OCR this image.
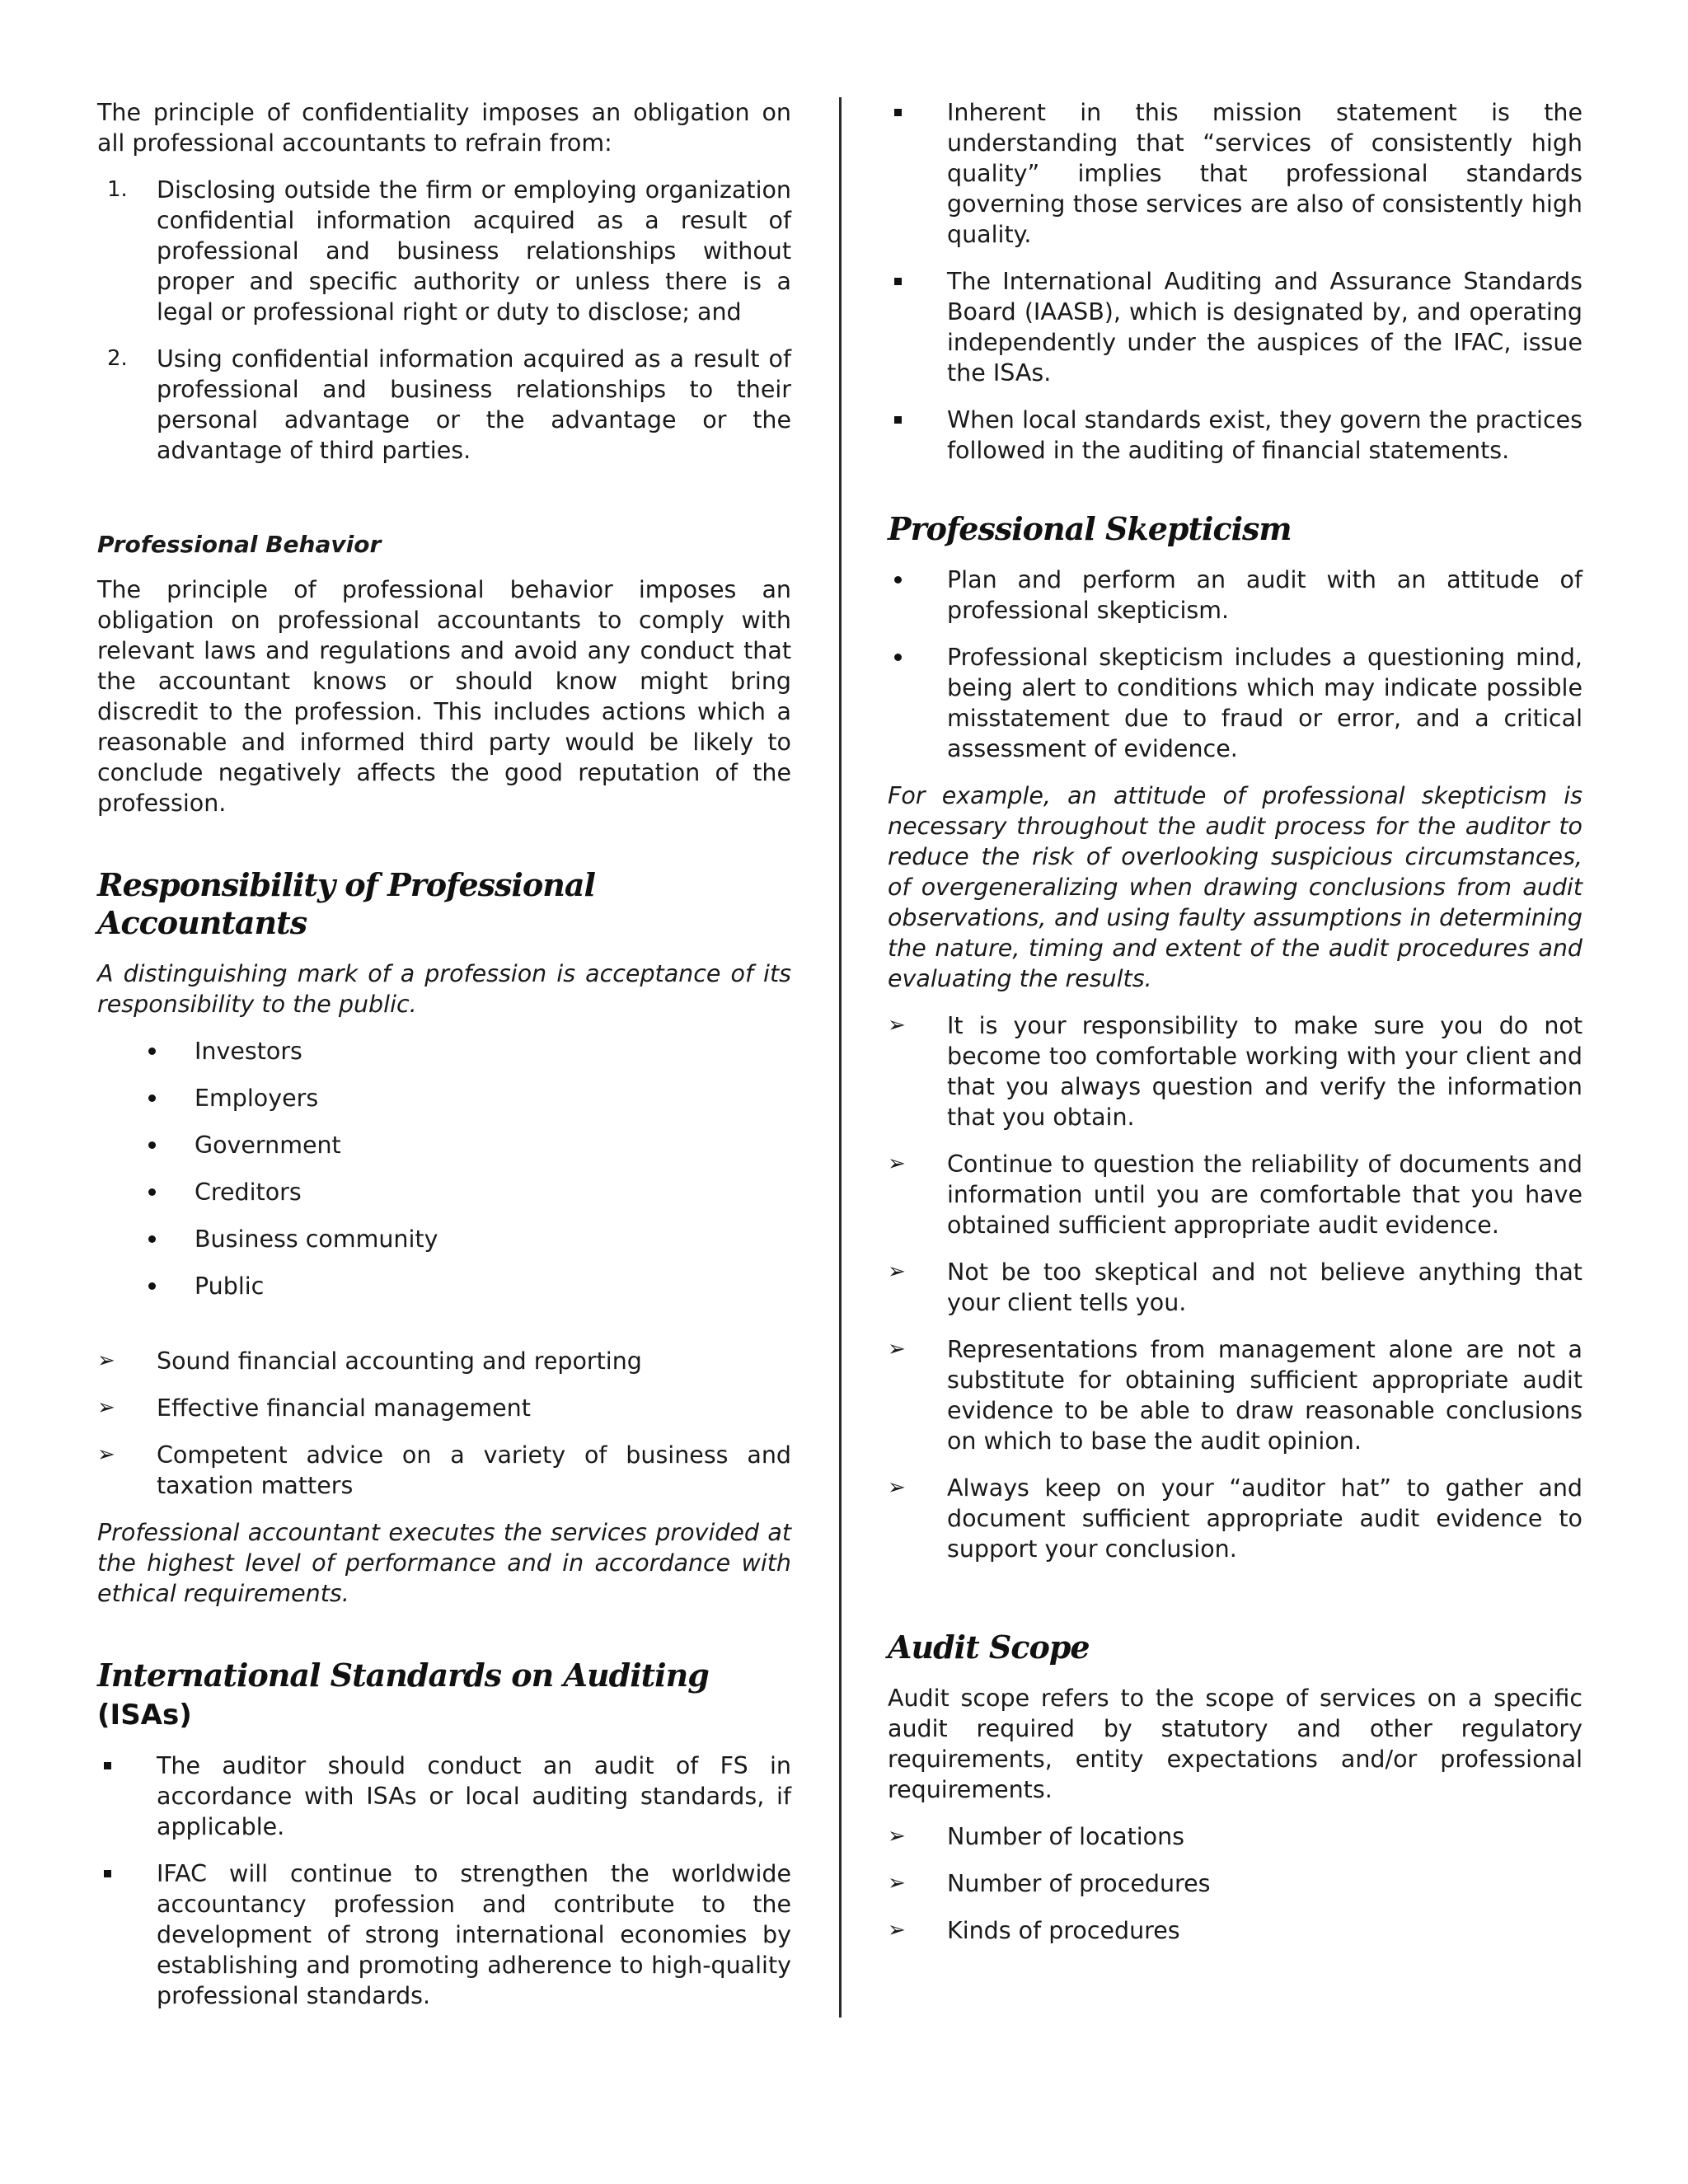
The principle of confidentiality imposes an obligation on all professional accountants to refrain from:

1.	Disclosing outside the firm or employing organization confidential information acquired as a result of professional and business relationships without proper and specific authority or unless there is a legal or professional right or duty to disclose; and
2.	Using confidential information acquired as a result of professional and business relationships to their personal advantage or the advantage or the advantage of third parties.
Professional Behavior

The principle of professional behavior imposes an obligation on professional accountants to comply with relevant laws and regulations and avoid any conduct that the accountant knows or should know might bring discredit to the profession. This includes actions which a reasonable and informed third party would be likely to conclude negatively affects the good reputation of the profession.

Responsibility of Professional Accountants

A distinguishing mark of a profession is acceptance of its responsibility to the public.

Investors
Employers
Government
Creditors
Business community
Public
➢	Sound financial accounting and reporting
➢	Effective financial management
➢	Competent advice on a variety of business and taxation matters

Professional accountant executes the services provided at the highest level of performance and in accordance with ethical requirements.

International Standards on Auditing (ISAs)
The auditor should conduct an audit of FS in accordance with ISAs or local auditing standards, if applicable.
IFAC will continue to strengthen the worldwide accountancy profession and contribute to the development of strong international economies by establishing and promoting adherence to high-quality professional standards.
Inherent in this mission statement is the understanding that “services of consistently high quality” implies that professional standards governing those services are also of consistently high quality.
The International Auditing and Assurance Standards Board (IAASB), which is designated by, and operating independently under the auspices of the IFAC, issue the ISAs.
When local standards exist, they govern the practices followed in the auditing of financial statements.
Professional Skepticism
Plan and perform an audit with an attitude of professional skepticism.
Professional skepticism includes a questioning mind, being alert to conditions which may indicate possible misstatement due to fraud or error, and a critical assessment of evidence.

For example, an attitude of professional skepticism is necessary throughout the audit process for the auditor to reduce the risk of overlooking suspicious circumstances, of overgeneralizing when drawing conclusions from audit observations, and using faulty assumptions in determining the nature, timing and extent of the audit procedures and evaluating the results.

➢	It is your responsibility to make sure you do not become too comfortable working with your client and that you always question and verify the information that you obtain.
➢	Continue to question the reliability of documents and information until you are comfortable that you have obtained sufficient appropriate audit evidence.
➢	Not be too skeptical and not believe anything that your client tells you.
➢	Representations from management alone are not a substitute for obtaining sufficient appropriate audit evidence to be able to draw reasonable conclusions on which to base the audit opinion.
➢	Always keep on your “auditor hat” to gather and document sufficient appropriate audit evidence to support your conclusion.
Audit Scope

Audit scope refers to the scope of services on a specific audit required by statutory and other regulatory requirements, entity expectations and/or professional requirements.

➢	Number of locations
➢	Number of procedures
➢	Kinds of procedures
